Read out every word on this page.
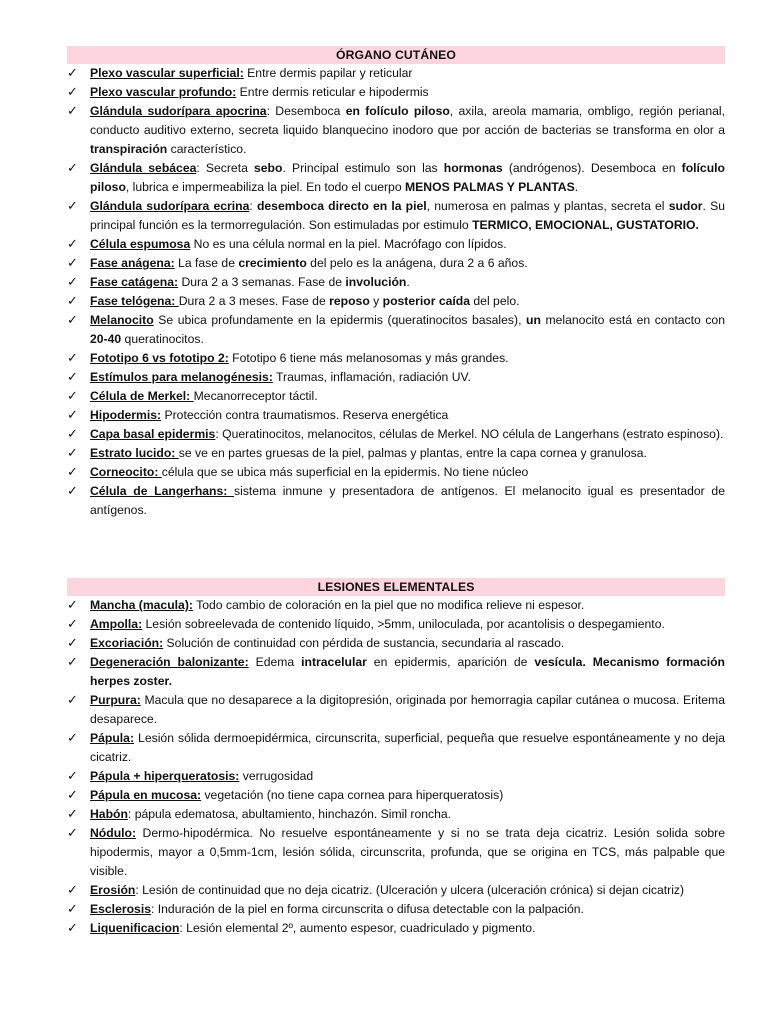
ÓRGANO CUTÁNEO
✓ Plexo vascular superficial: Entre dermis papilar y reticular
✓ Plexo vascular profundo: Entre dermis reticular e hipodermis
✓ Glándula sudorípara apocrina: Desemboca en folículo piloso, axila, areola mamaria, ombligo, región perianal, conducto auditivo externo, secreta liquido blanquecino inodoro que por acción de bacterias se transforma en olor a transpiración característico.
✓ Glándula sebácea: Secreta sebo. Principal estimulo son las hormonas (andrógenos). Desemboca en folículo piloso, lubrica e impermeabiliza la piel. En todo el cuerpo MENOS PALMAS Y PLANTAS.
✓ Glándula sudorípara ecrina: desemboca directo en la piel, numerosa en palmas y plantas, secreta el sudor. Su principal función es la termorregulación. Son estimuladas por estimulo TERMICO, EMOCIONAL, GUSTATORIO.
✓ Célula espumosa No es una célula normal en la piel. Macrófago con lípidos.
✓ Fase anágena: La fase de crecimiento del pelo es la anágena, dura 2 a 6 años.
✓ Fase catágena: Dura 2 a 3 semanas. Fase de involución.
✓ Fase telógena: Dura 2 a 3 meses. Fase de reposo y posterior caída del pelo.
✓ Melanocito Se ubica profundamente en la epidermis (queratinocitos basales), un melanocito está en contacto con 20-40 queratinocitos.
✓ Fototipo 6 vs fototipo 2: Fototipo 6 tiene más melanosomas y más grandes.
✓ Estímulos para melanogénesis: Traumas, inflamación, radiación UV.
✓ Célula de Merkel: Mecanorreceptor táctil.
✓ Hipodermis: Protección contra traumatismos. Reserva energética
✓ Capa basal epidermis: Queratinocitos, melanocitos, células de Merkel. NO célula de Langerhans (estrato espinoso).
✓ Estrato lucido: se ve en partes gruesas de la piel, palmas y plantas, entre la capa cornea y granulosa.
✓ Corneocito: célula que se ubica más superficial en la epidermis. No tiene núcleo
✓ Célula de Langerhans: sistema inmune y presentadora de antígenos. El melanocito igual es presentador de antígenos.
LESIONES ELEMENTALES
✓ Mancha (macula): Todo cambio de coloración en la piel que no modifica relieve ni espesor.
✓ Ampolla: Lesión sobreelevada de contenido líquido, >5mm, uniloculada, por acantolisis o despegamiento.
✓ Excoriación: Solución de continuidad con pérdida de sustancia, secundaria al rascado.
✓ Degeneración balonizante: Edema intracelular en epidermis, aparición de vesícula. Mecanismo formación herpes zoster.
✓ Purpura: Macula que no desaparece a la digitopresión, originada por hemorragia capilar cutánea o mucosa. Eritema desaparece.
✓ Pápula: Lesión sólida dermoepidérmica, circunscrita, superficial, pequeña que resuelve espontáneamente y no deja cicatriz.
✓ Pápula + hiperqueratosis: verrugosidad
✓ Pápula en mucosa: vegetación (no tiene capa cornea para hiperqueratosis)
✓ Habón: pápula edematosa, abultamiento, hinchazón. Simil roncha.
✓ Nódulo: Dermo-hipodérmica. No resuelve espontáneamente y si no se trata deja cicatriz. Lesión solida sobre hipodermis, mayor a 0,5mm-1cm, lesión sólida, circunscrita, profunda, que se origina en TCS, más palpable que visible.
✓ Erosión: Lesión de continuidad que no deja cicatriz. (Ulceración y ulcera (ulceración crónica) si dejan cicatriz)
✓ Esclerosis: Induración de la piel en forma circunscrita o difusa detectable con la palpación.
✓ Liquenificacion: Lesión elemental 2º, aumento espesor, cuadriculado y pigmento.
